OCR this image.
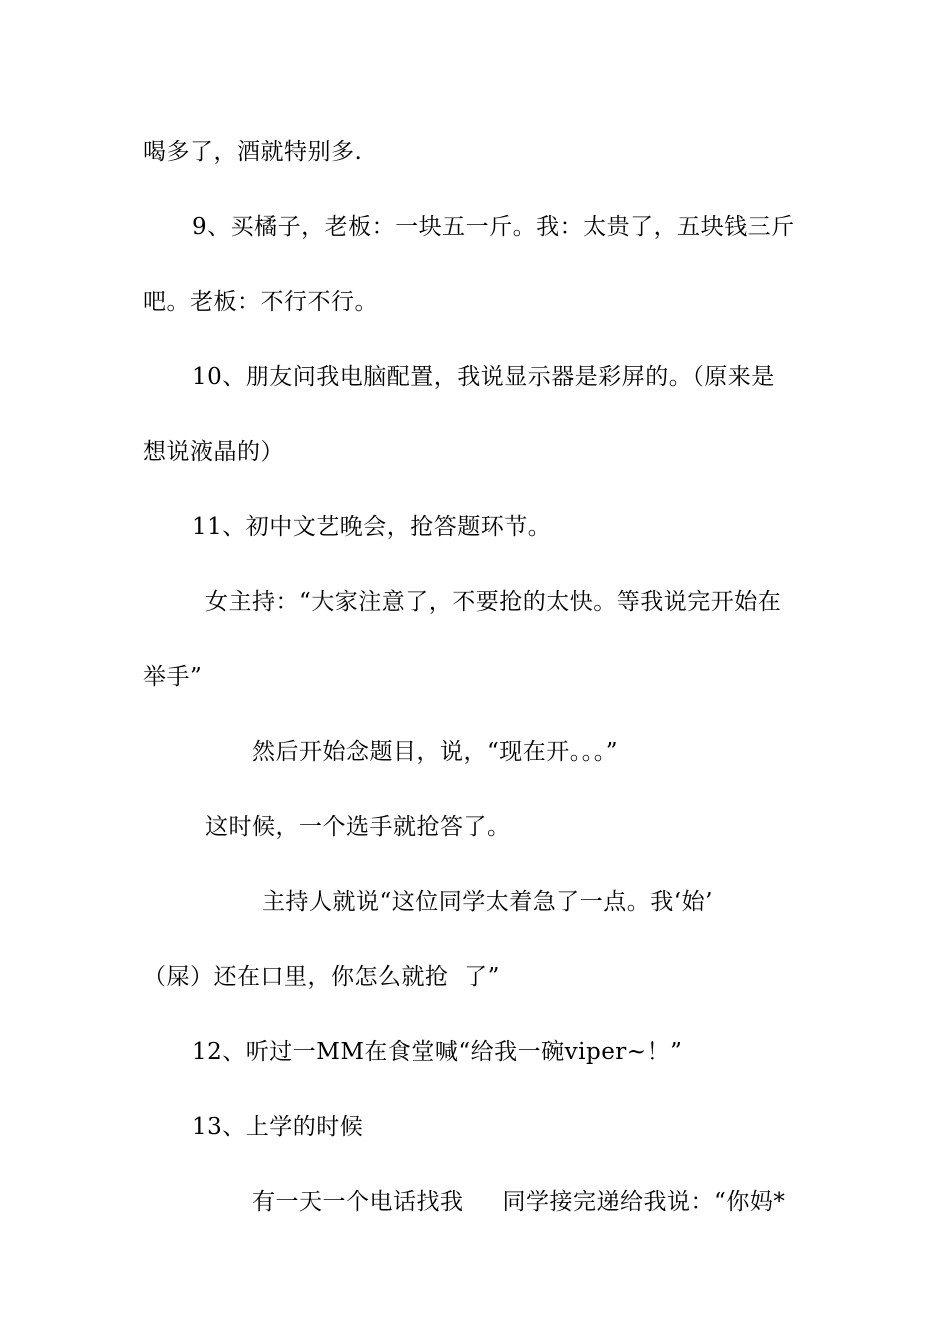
喝多了，酒就特别多.
9、买橘子，老板：一块五一斤。我：太贵了，五块钱三斤
吧。老板：不行不行。
10、朋友问我电脑配置，我说显示器是彩屏的。（原来是
想说液晶的）
11、初中文艺晚会，抢答题环节。
女主持：“大家注意了，不要抢的太快。等我说完开始在
举手”
然后开始念题目，说，“现在开。。。”
这时候，一个选手就抢答了。
主持人就说“这位同学太着急了一点。我‘始’
（屎）还在口里，你怎么就抢  了”
12、听过一MM在食堂喊“给我一碗viper~！”
13、上学的时候
有一天一个电话找我     同学接完递给我说：“你妈*
